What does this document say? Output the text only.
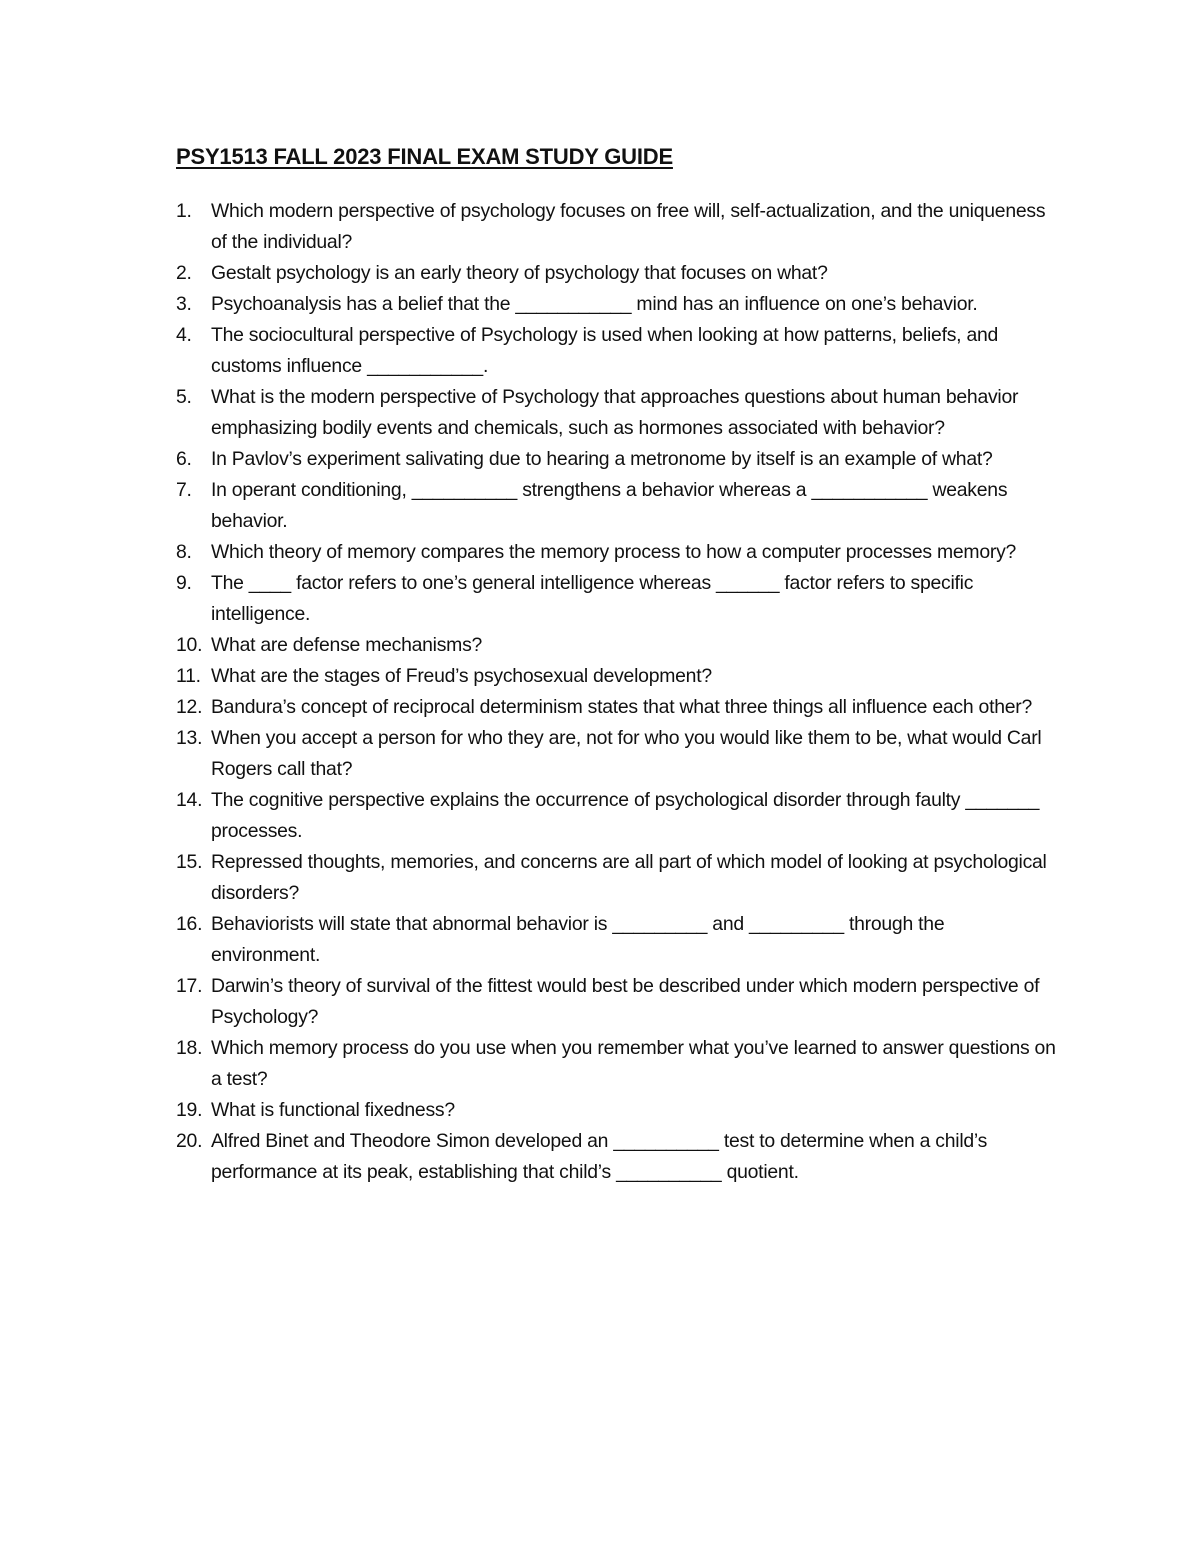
PSY1513 FALL 2023 FINAL EXAM STUDY GUIDE
1. Which modern perspective of psychology focuses on free will, self-actualization, and the uniqueness of the individual?
2. Gestalt psychology is an early theory of psychology that focuses on what?
3. Psychoanalysis has a belief that the ___________ mind has an influence on one’s behavior.
4. The sociocultural perspective of Psychology is used when looking at how patterns, beliefs, and customs influence ___________.
5. What is the modern perspective of Psychology that approaches questions about human behavior emphasizing bodily events and chemicals, such as hormones associated with behavior?
6. In Pavlov’s experiment salivating due to hearing a metronome by itself is an example of what?
7. In operant conditioning, __________ strengthens a behavior whereas a ___________ weakens behavior.
8. Which theory of memory compares the memory process to how a computer processes memory?
9. The ____ factor refers to one’s general intelligence whereas ______ factor refers to specific intelligence.
10. What are defense mechanisms?
11. What are the stages of Freud’s psychosexual development?
12. Bandura’s concept of reciprocal determinism states that what three things all influence each other?
13. When you accept a person for who they are, not for who you would like them to be, what would Carl Rogers call that?
14. The cognitive perspective explains the occurrence of psychological disorder through faulty _______ processes.
15. Repressed thoughts, memories, and concerns are all part of which model of looking at psychological disorders?
16. Behaviorists will state that abnormal behavior is _________ and _________ through the environment.
17. Darwin’s theory of survival of the fittest would best be described under which modern perspective of Psychology?
18. Which memory process do you use when you remember what you’ve learned to answer questions on a test?
19. What is functional fixedness?
20. Alfred Binet and Theodore Simon developed an __________ test to determine when a child’s performance at its peak, establishing that child’s __________ quotient.
